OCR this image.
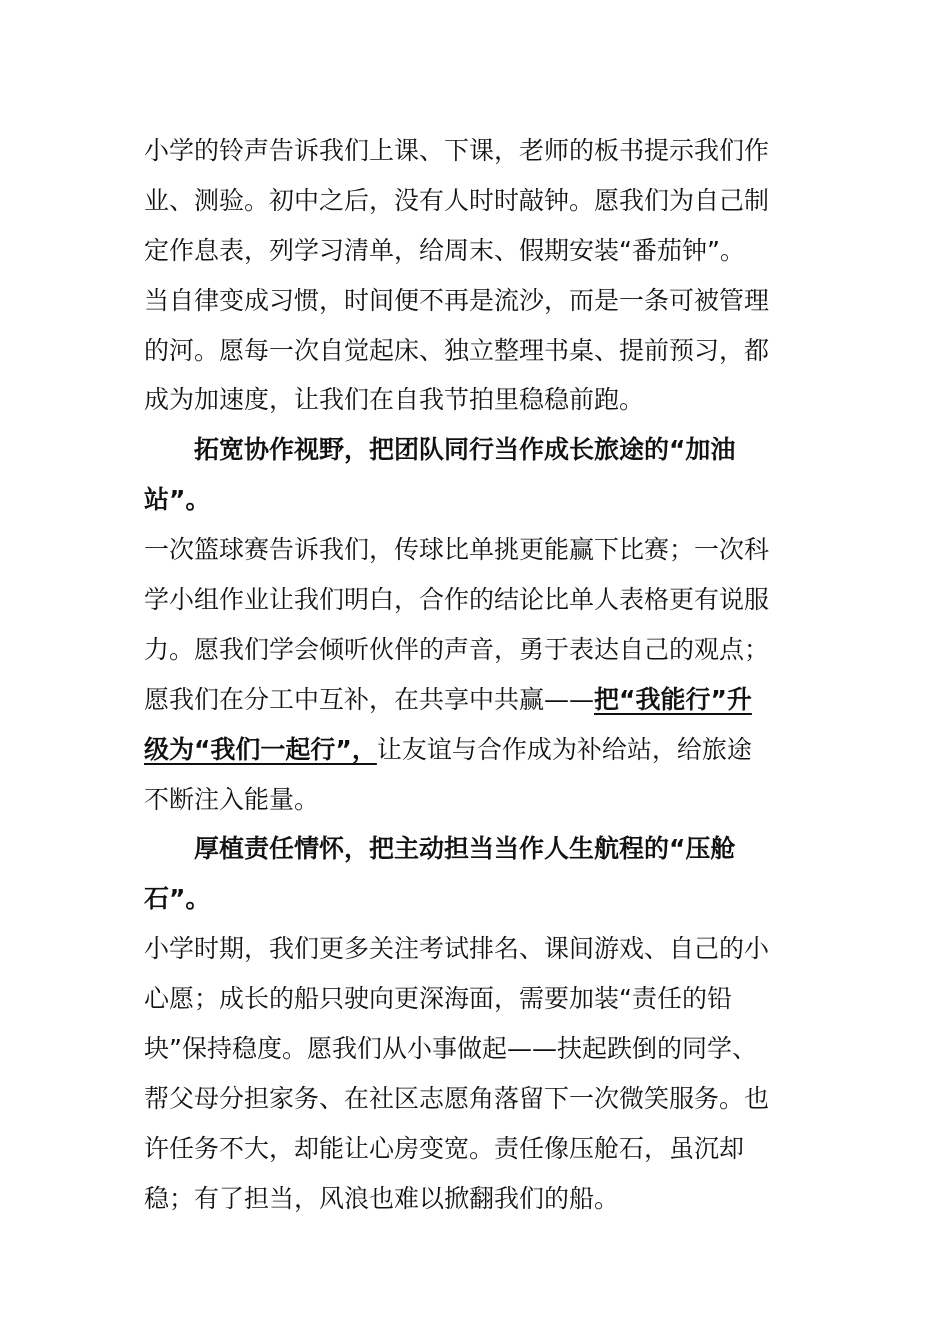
小学的铃声告诉我们上课、下课，老师的板书提示我们作
业、测验。初中之后，没有人时时敲钟。愿我们为自己制
定作息表，列学习清单，给周末、假期安装“番茄钟”。
当自律变成习惯，时间便不再是流沙，而是一条可被管理
的河。愿每一次自觉起床、独立整理书桌、提前预习，都
成为加速度，让我们在自我节拍里稳稳前跑。
拓宽协作视野，把团队同行当作成长旅途的“加油
站”。
一次篮球赛告诉我们，传球比单挑更能赢下比赛；一次科
学小组作业让我们明白，合作的结论比单人表格更有说服
力。愿我们学会倾听伙伴的声音，勇于表达自己的观点；
愿我们在分工中互补，在共享中共赢——把“我能行”升
级为“我们一起行”，让友谊与合作成为补给站，给旅途
不断注入能量。
厚植责任情怀，把主动担当当作人生航程的“压舱
石”。
小学时期，我们更多关注考试排名、课间游戏、自己的小
心愿；成长的船只驶向更深海面，需要加装“责任的铅
块”保持稳度。愿我们从小事做起——扶起跌倒的同学、
帮父母分担家务、在社区志愿角落留下一次微笑服务。也
许任务不大，却能让心房变宽。责任像压舱石，虽沉却
稳；有了担当，风浪也难以掀翻我们的船。
